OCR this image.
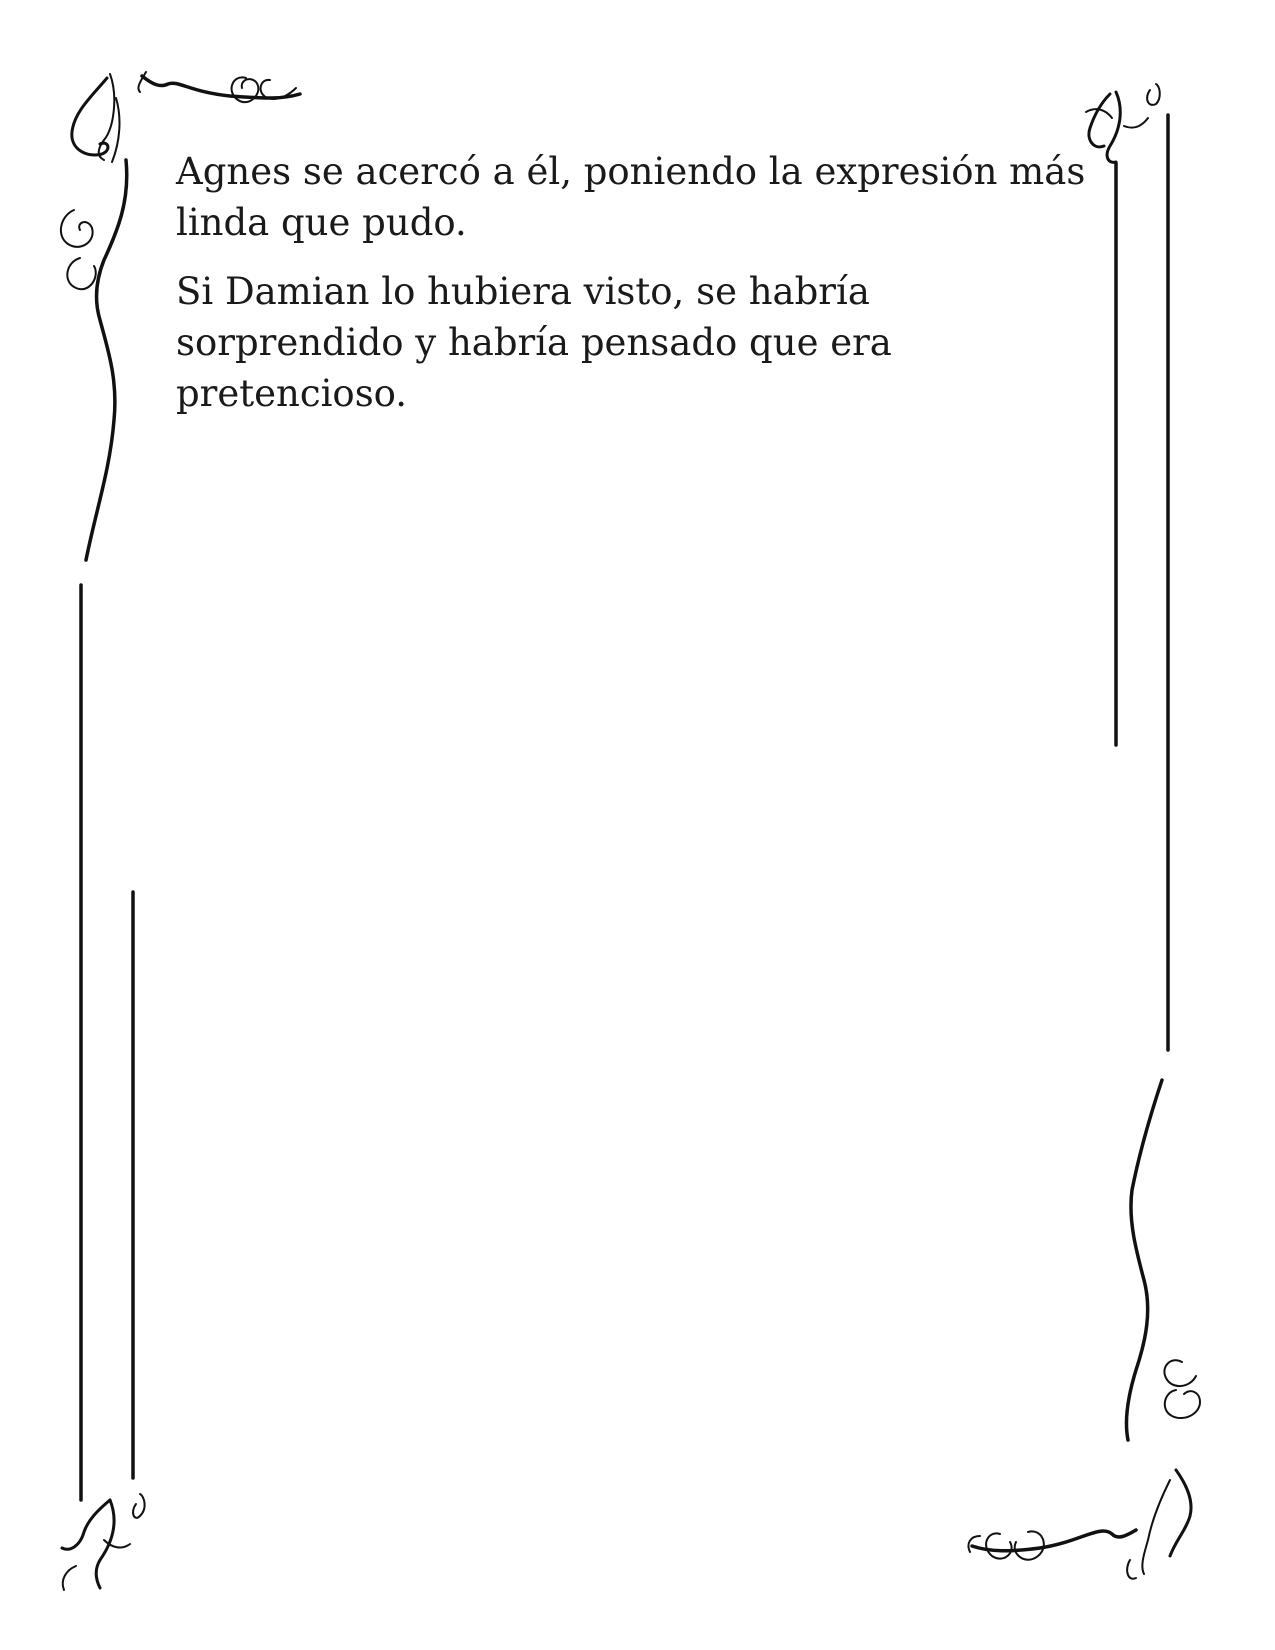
Agnes se acercó a él, poniendo la expresión más linda que pudo.

Si Damian lo hubiera visto, se habría sorprendido y habría pensado que era pretencioso.
